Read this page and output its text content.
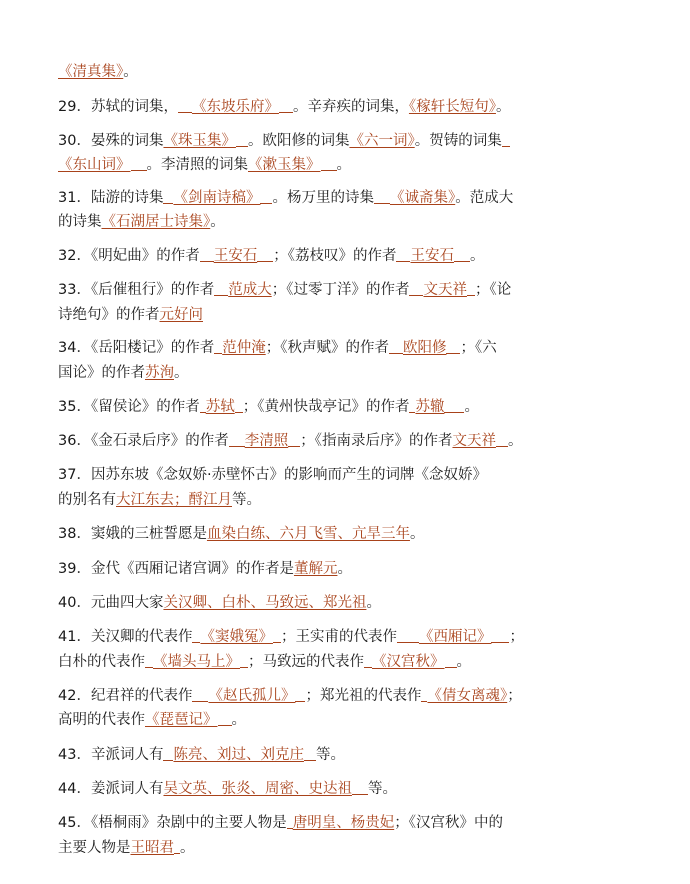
《清真集》。
29．苏轼的词集， 《东坡乐府》 。辛弃疾的词集，《稼轩长短句》。
30．晏殊的词集《珠玉集》 。欧阳修的词集《六一词》。贺铸的词集
《东山词》 。李清照的词集《漱玉集》 。
31．陆游的诗集 《剑南诗稿》 。杨万里的诗集 《诚斋集》。范成大
的诗集《石湖居士诗集》。
32．《明妃曲》的作者 王安石 ；《荔枝叹》的作者 王安石 。
33．《后催租行》的作者 范成大；《过零丁洋》的作者 文天祥 ；《论
诗绝句》的作者元好问
34．《岳阳楼记》的作者 范仲淹；《秋声赋》的作者 欧阳修 ；《六
国论》的作者苏洵。
35．《留侯论》的作者 苏轼 ；《黄州快哉亭记》的作者 苏辙 。
36．《金石录后序》的作者 李清照 ；《指南录后序》的作者文天祥 。
37．因苏东坡《念奴娇·赤壁怀古》的影响而产生的词牌《念奴娇》
的别名有大江东去；酹江月等。
38．窦娥的三桩誓愿是血染白练、六月飞雪、亢旱三年。
39．金代《西厢记诸宫调》的作者是董解元。
40．元曲四大家关汉卿、白朴、马致远、郑光祖。
41．关汉卿的代表作 《窦娥冤》 ；王实甫的代表作 《西厢记》 ；
白朴的代表作 《墙头马上》 ；马致远的代表作 《汉宫秋》 。
42．纪君祥的代表作 《赵氏孤儿》 ；郑光祖的代表作 《倩女离魂》；
高明的代表作《琵琶记》 。
43．辛派词人有 陈亮、刘过、刘克庄 等。
44．姜派词人有吴文英、张炎、周密、史达祖 等。
45．《梧桐雨》杂剧中的主要人物是 唐明皇、杨贵妃；《汉宫秋》中的
主要人物是王昭君 。
